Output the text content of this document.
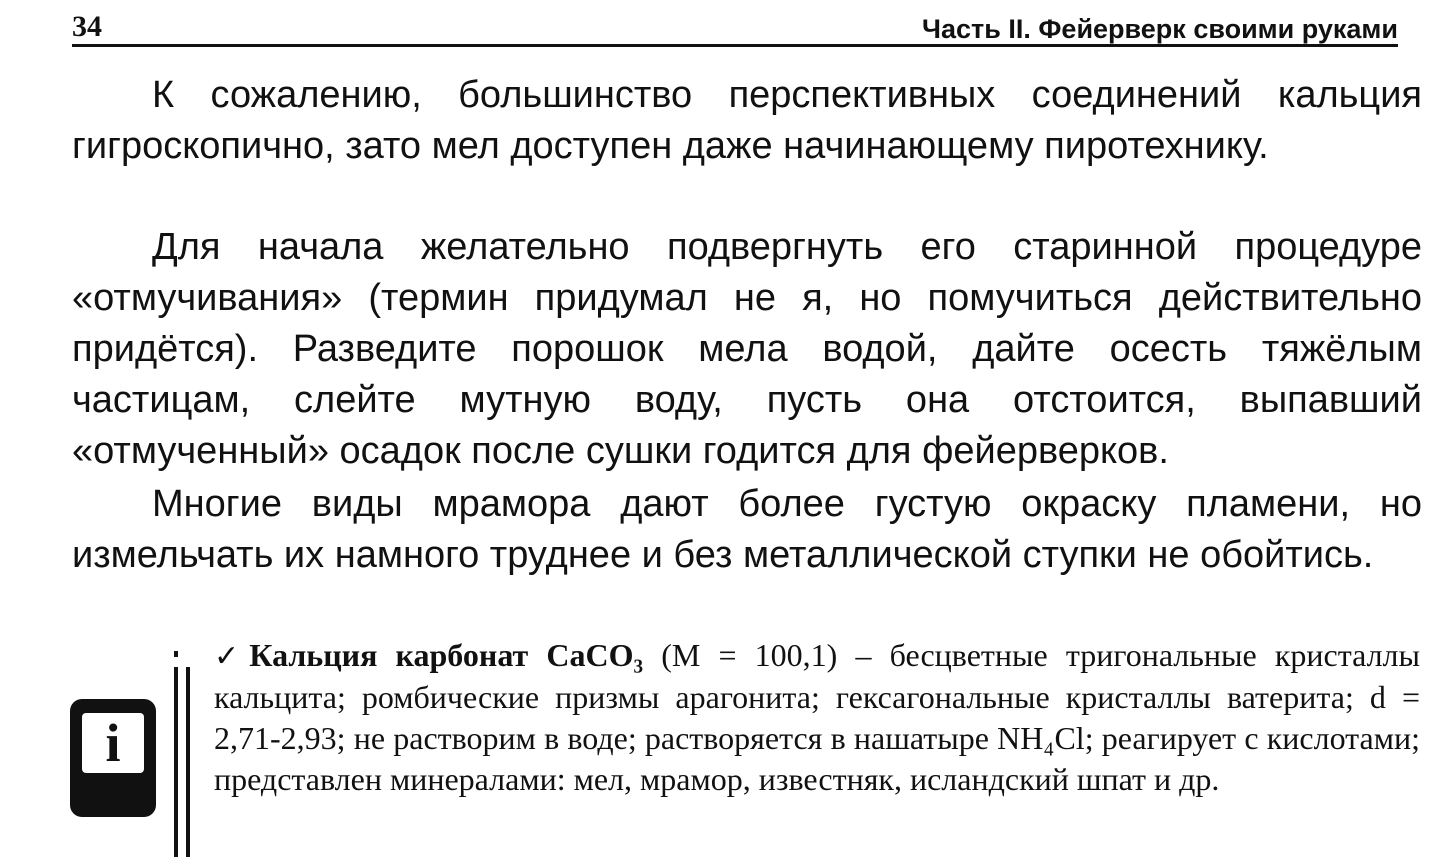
34	Часть II. Фейерверк своими руками

К сожалению, большинство перспективных соединений кальция гигроскопично, зато мел доступен даже начинающему пиротехнику.

Для начала желательно подвергнуть его старинной процедуре «отмучивания» (термин придумал не я, но помучиться действительно придётся). Разведите порошок мела водой, дайте осесть тяжёлым частицам, слейте мутную воду, пусть она отстоится, выпавший «отмученный» осадок после сушки годится для фейерверков.

Многие виды мрамора дают более густую окраску пламени, но измельчать их намного труднее и без металлической ступки не обойтись.

i

✓Кальция карбонат CaCO₃ (M = 100,1) – бесцветные тригональные кристаллы кальцита; ромбические призмы арагонита; гексагональные кристаллы ватерита; d = 2,71-2,93; не растворим в воде; растворяется в нашатыре NH₄Cl; реагирует с кислотами; представлен минералами: мел, мрамор, известняк, исландский шпат и др.
